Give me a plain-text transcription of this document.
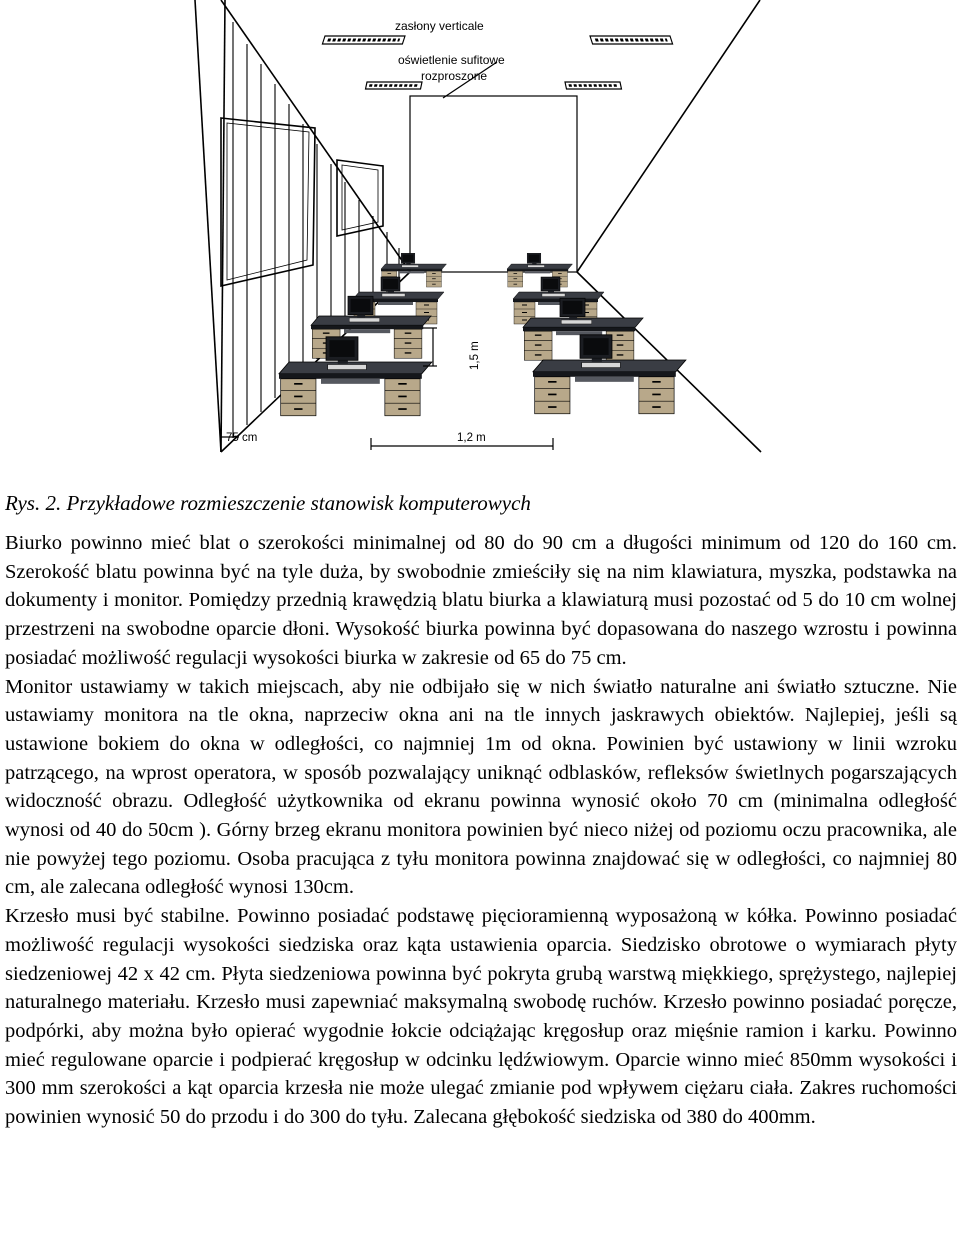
zasłony verticale
oświetlenie sufitowe
rozproszone
75 cm	1,2 m
1,5 m
Rys. 2. Przykładowe rozmieszczenie stanowisk komputerowych

Biurko powinno mieć blat o szerokości minimalnej od 80 do 90 cm a długości minimum od 120 do 160 cm. Szerokość blatu powinna być na tyle duża, by swobodnie zmieściły się na nim klawiatura, myszka, podstawka na dokumenty i monitor. Pomiędzy przednią krawędzią blatu biurka a klawiaturą musi pozostać od 5 do 10 cm wolnej przestrzeni na swobodne oparcie dłoni. Wysokość biurka powinna być dopasowana do naszego wzrostu i powinna posiadać możliwość regulacji wysokości biurka w zakresie od 65 do 75 cm.

Monitor ustawiamy w takich miejscach, aby nie odbijało się w nich światło naturalne ani światło sztuczne. Nie ustawiamy monitora na tle okna, naprzeciw okna ani na tle innych jaskrawych obiektów. Najlepiej, jeśli są ustawione bokiem do okna w odległości, co najmniej 1m od okna. Powinien być ustawiony w linii wzroku patrzącego, na wprost operatora, w sposób pozwalający uniknąć odblasków, refleksów świetlnych pogarszających widoczność obrazu. Odległość użytkownika od ekranu powinna wynosić około 70 cm (minimalna odległość wynosi od 40 do 50cm ). Górny brzeg ekranu monitora powinien być nieco niżej od poziomu oczu pracownika, ale nie powyżej tego poziomu. Osoba pracująca z tyłu monitora powinna znajdować się w odległości, co najmniej 80 cm, ale zalecana odległość wynosi 130cm.

Krzesło musi być stabilne. Powinno posiadać podstawę pięcioramienną wyposażoną w kółka. Powinno posiadać możliwość regulacji wysokości siedziska oraz kąta ustawienia oparcia. Siedzisko obrotowe o wymiarach płyty siedzeniowej 42 x 42 cm. Płyta siedzeniowa powinna być pokryta grubą warstwą miękkiego, sprężystego, najlepiej naturalnego materiału. Krzesło musi zapewniać maksymalną swobodę ruchów. Krzesło powinno posiadać poręcze, podpórki, aby można było opierać wygodnie łokcie odciążając kręgosłup oraz mięśnie ramion i karku. Powinno mieć regulowane oparcie i podpierać kręgosłup w odcinku lędźwiowym. Oparcie winno mieć 850mm wysokości i 300 mm szerokości a kąt oparcia krzesła nie może ulegać zmianie pod wpływem ciężaru ciała. Zakres ruchomości powinien wynosić 50 do przodu i do 300 do tyłu. Zalecana głębokość siedziska od 380 do 400mm.
